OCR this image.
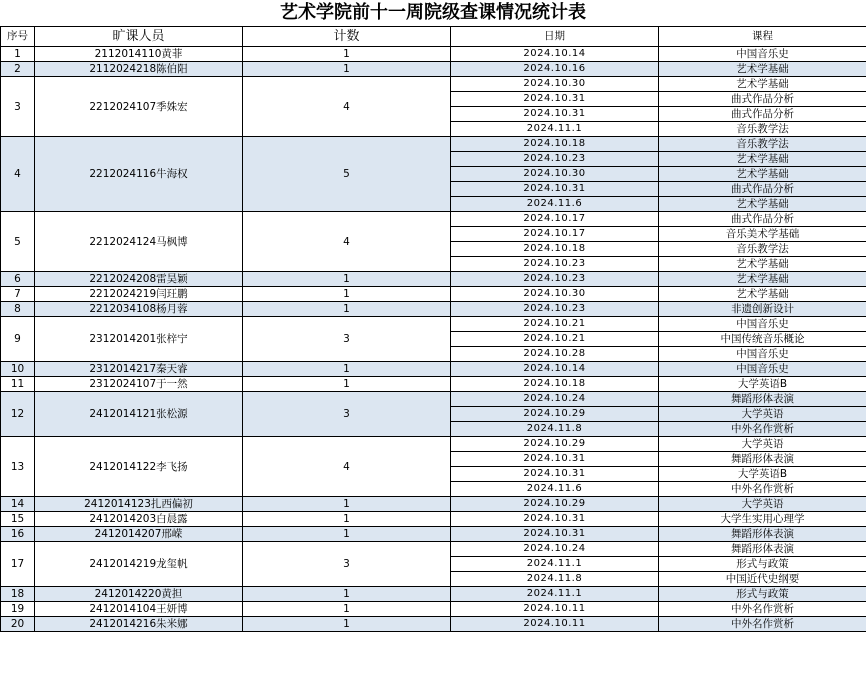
艺术学院前十一周院级查课情况统计表
序号	旷课人员	计数	日期	课程
1	2112014110黄菲	1	2024.10.14	中国音乐史
2	2112024218陈伯阳	1	2024.10.16	艺术学基础
3	2212024107季姝宏	4	2024.10.30	艺术学基础
			2024.10.31	曲式作品分析
			2024.10.31	曲式作品分析
			2024.11.1	音乐教学法
4	2212024116牛海权	5	2024.10.18	音乐教学法
			2024.10.23	艺术学基础
			2024.10.30	艺术学基础
			2024.10.31	曲式作品分析
			2024.11.6	艺术学基础
5	2212024124马枫博	4	2024.10.17	曲式作品分析
			2024.10.17	音乐美术学基础
			2024.10.18	音乐教学法
			2024.10.23	艺术学基础
6	2212024208雷昊颖	1	2024.10.23	艺术学基础
7	2212024219闫玨鹏	1	2024.10.30	艺术学基础
8	2212034108杨月蓉	1	2024.10.23	非遗创新设计
9	2312014201张梓宁	3	2024.10.21	中国音乐史
			2024.10.21	中国传统音乐概论
			2024.10.28	中国音乐史
10	2312014217秦天睿	1	2024.10.14	中国音乐史
11	2312024107于一然	1	2024.10.18	大学英语B
12	2412014121张松源	3	2024.10.24	舞蹈形体表演
			2024.10.29	大学英语
			2024.11.8	中外名作赏析
13	2412014122李飞扬	4	2024.10.29	大学英语
			2024.10.31	舞蹈形体表演
			2024.10.31	大学英语B
			2024.11.6	中外名作赏析
14	2412014123扎西偏初	1	2024.10.29	大学英语
15	2412014203白晨露	1	2024.10.31	大学生实用心理学
16	2412014207邢嵘	1	2024.10.31	舞蹈形体表演
17	2412014219龙玺帆	3	2024.10.24	舞蹈形体表演
			2024.11.1	形式与政策
			2024.11.8	中国近代史纲要
18	2412014220黄担	1	2024.11.1	形式与政策
19	2412014104王妍博	1	2024.10.11	中外名作赏析
20	2412014216朱米娜	1	2024.10.11	中外名作赏析
